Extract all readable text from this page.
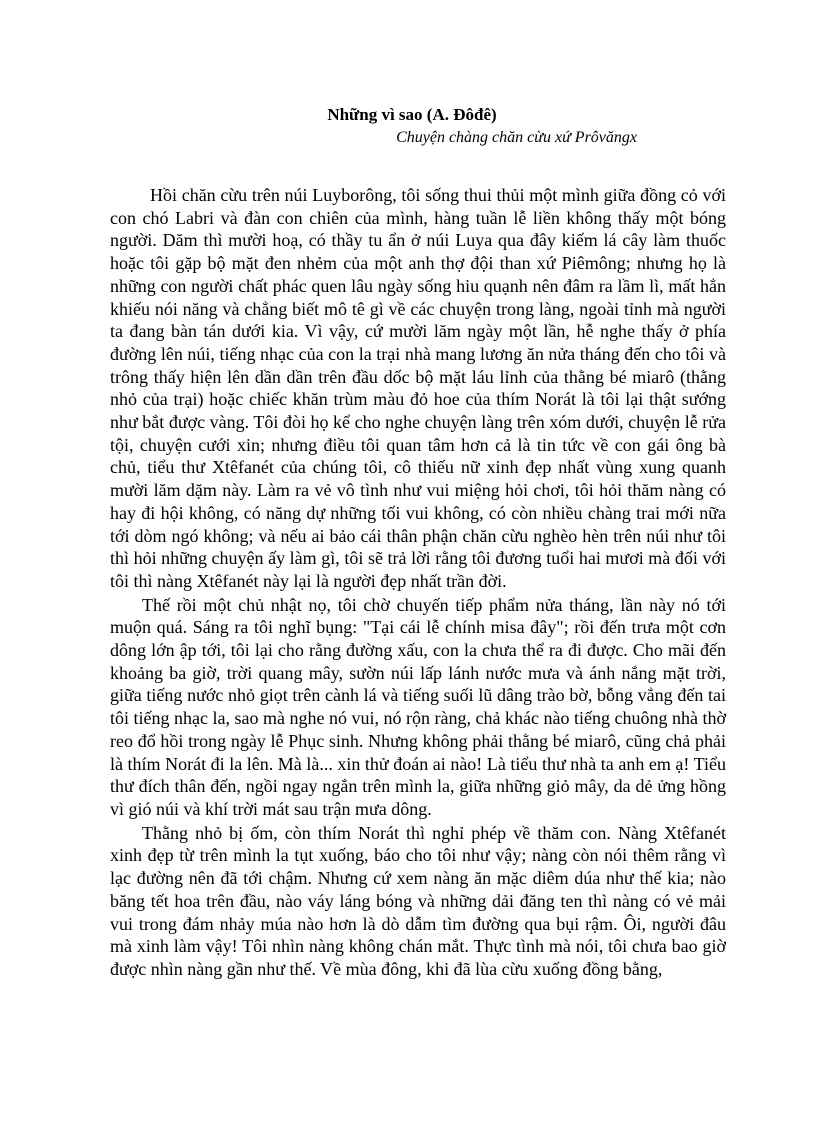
Những vì sao (A. Đôđê)
Chuyện chàng chăn cừu xứ Prôvăngx

Hồi chăn cừu trên núi Luyborông, tôi sống thui thủi một mình giữa đồng cỏ với con chó Labri và đàn con chiên của mình, hàng tuần lễ liền không thấy một bóng người. Dăm thì mười hoạ, có thầy tu ẩn ở núi Luya qua đây kiếm lá cây làm thuốc hoặc tôi gặp bộ mặt đen nhẻm của một anh thợ đội than xứ Piêmông; nhưng họ là những con người chất phác quen lâu ngày sống hiu quạnh nên đâm ra lầm lì, mất hẳn khiếu nói năng và chẳng biết mô tê gì về các chuyện trong làng, ngoài tỉnh mà người ta đang bàn tán dưới kia. Vì vậy, cứ mười lăm ngày một lần, hễ nghe thấy ở phía đường lên núi, tiếng nhạc của con la trại nhà mang lương ăn nửa tháng đến cho tôi và trông thấy hiện lên dần dần trên đầu dốc bộ mặt láu lỉnh của thằng bé miarô (thằng nhỏ của trại) hoặc chiếc khăn trùm màu đỏ hoe của thím Norát là tôi lại thật sướng như bắt được vàng. Tôi đòi họ kể cho nghe chuyện làng trên xóm dưới, chuyện lễ rửa tội, chuyện cưới xin; nhưng điều tôi quan tâm hơn cả là tin tức về con gái ông bà chủ, tiểu thư Xtêfanét của chúng tôi, cô thiếu nữ xinh đẹp nhất vùng xung quanh mười lăm dặm này. Làm ra vẻ vô tình như vui miệng hỏi chơi, tôi hỏi thăm nàng có hay đi hội không, có năng dự những tối vui không, có còn nhiều chàng trai mới nữa tới dòm ngó không; và nếu ai bảo cái thân phận chăn cừu nghèo hèn trên núi như tôi thì hỏi những chuyện ấy làm gì, tôi sẽ trả lời rằng tôi đương tuổi hai mươi mà đối với tôi thì nàng Xtêfanét này lại là người đẹp nhất trần đời.

Thế rồi một chủ nhật nọ, tôi chờ chuyến tiếp phẩm nửa tháng, lần này nó tới muộn quá. Sáng ra tôi nghĩ bụng: "Tại cái lễ chính misa đây"; rồi đến trưa một cơn dông lớn ập tới, tôi lại cho rằng đường xấu, con la chưa thể ra đi được. Cho mãi đến khoảng ba giờ, trời quang mây, sườn núi lấp lánh nước mưa và ánh nắng mặt trời, giữa tiếng nước nhỏ giọt trên cành lá và tiếng suối lũ dâng trào bờ, bỗng vẳng đến tai tôi tiếng nhạc la, sao mà nghe nó vui, nó rộn ràng, chả khác nào tiếng chuông nhà thờ reo đổ hồi trong ngày lễ Phục sinh. Nhưng không phải thằng bé miarô, cũng chả phải là thím Norát đi la lên. Mà là... xin thử đoán ai nào! Là tiểu thư nhà ta anh em ạ! Tiểu thư đích thân đến, ngồi ngay ngắn trên mình la, giữa những giỏ mây, da dẻ ửng hồng vì gió núi và khí trời mát sau trận mưa dông.

Thằng nhỏ bị ốm, còn thím Norát thì nghỉ phép về thăm con. Nàng Xtêfanét xinh đẹp từ trên mình la tụt xuống, báo cho tôi như vậy; nàng còn nói thêm rằng vì lạc đường nên đã tới chậm. Nhưng cứ xem nàng ăn mặc diêm dúa như thế kia; nào băng tết hoa trên đầu, nào váy láng bóng và những dải đăng ten thì nàng có vẻ mải vui trong đám nhảy múa nào hơn là dò dẫm tìm đường qua bụi rậm. Ôi, người đâu mà xinh làm vậy! Tôi nhìn nàng không chán mắt. Thực tình mà nói, tôi chưa bao giờ được nhìn nàng gần như thế. Về mùa đông, khi đã lùa cừu xuống đồng bằng,
